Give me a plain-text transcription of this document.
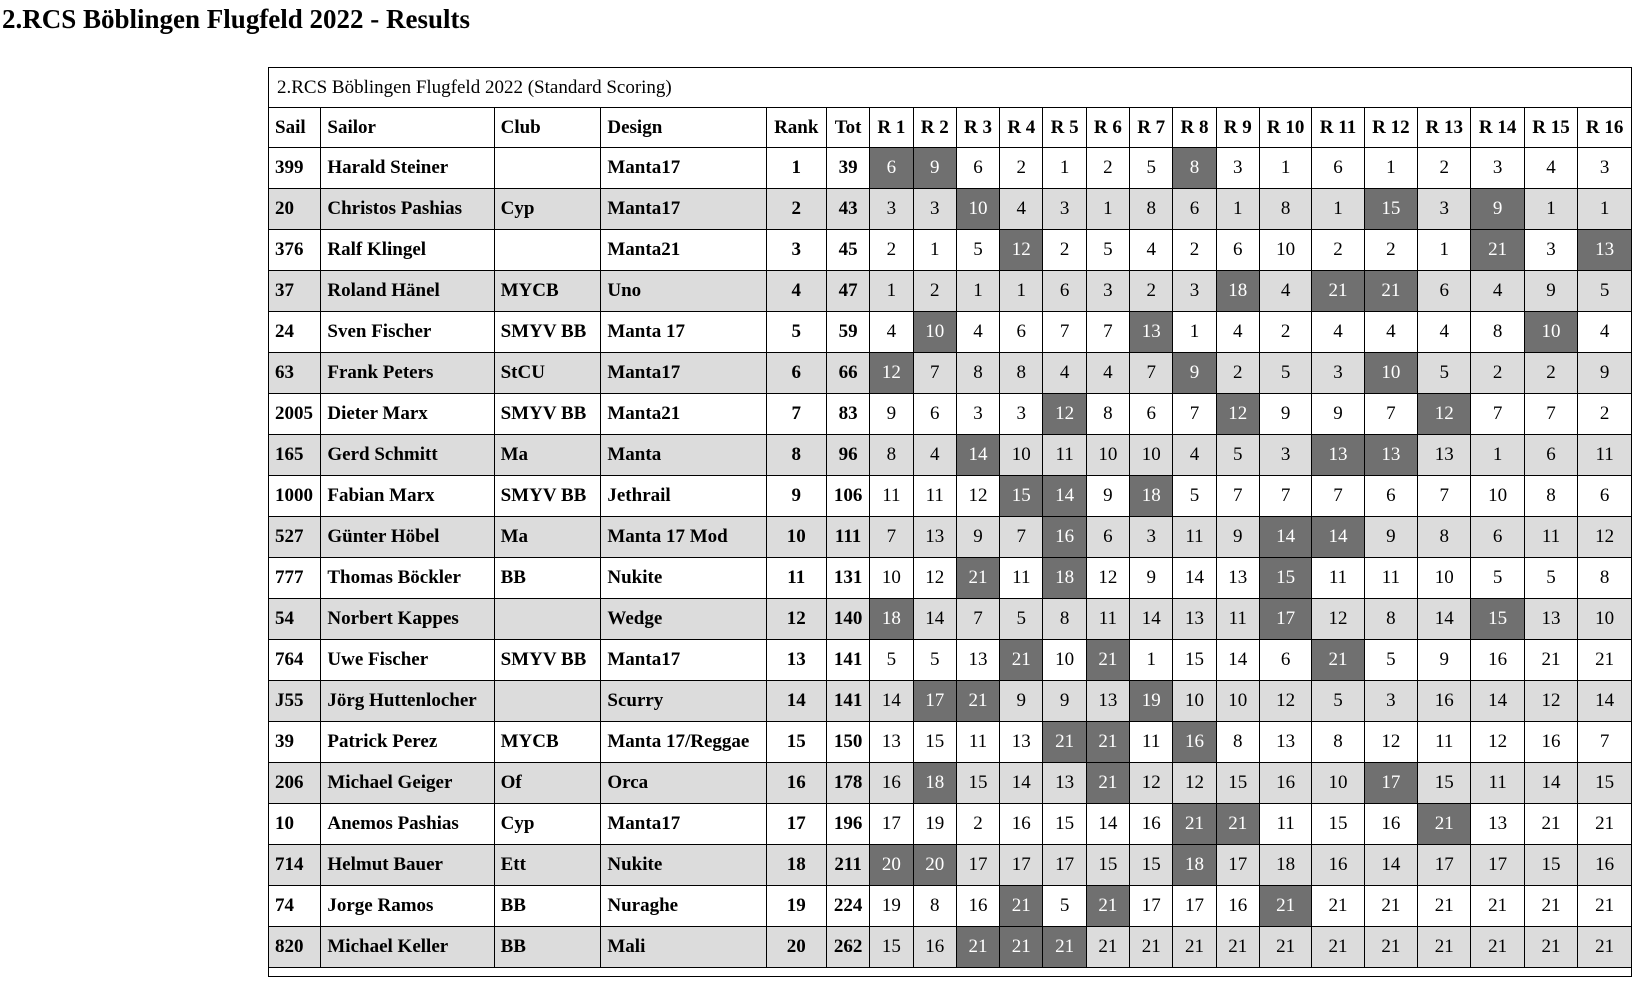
2.RCS Böblingen Flugfeld 2022 - Results
2.RCS Böblingen Flugfeld 2022 (Standard Scoring)																					
Sail	Sailor	Club	Design	Rank	Tot	R 1	R 2	R 3	R 4	R 5	R 6	R 7	R 8	R 9	R 10	R 11	R 12	R 13	R 14	R 15	R 16
399	Harald Steiner		Manta17	1	39	6	9	6	2	1	2	5	8	3	1	6	1	2	3	4	3
20	Christos Pashias	Cyp	Manta17	2	43	3	3	10	4	3	1	8	6	1	8	1	15	3	9	1	1
376	Ralf Klingel		Manta21	3	45	2	1	5	12	2	5	4	2	6	10	2	2	1	21	3	13
37	Roland Hänel	MYCB	Uno	4	47	1	2	1	1	6	3	2	3	18	4	21	21	6	4	9	5
24	Sven Fischer	SMYV BB	Manta 17	5	59	4	10	4	6	7	7	13	1	4	2	4	4	4	8	10	4
63	Frank Peters	StCU	Manta17	6	66	12	7	8	8	4	4	7	9	2	5	3	10	5	2	2	9
2005	Dieter Marx	SMYV BB	Manta21	7	83	9	6	3	3	12	8	6	7	12	9	9	7	12	7	7	2
165	Gerd Schmitt	Ma	Manta	8	96	8	4	14	10	11	10	10	4	5	3	13	13	13	1	6	11
1000	Fabian Marx	SMYV BB	Jethrail	9	106	11	11	12	15	14	9	18	5	7	7	7	6	7	10	8	6
527	Günter Höbel	Ma	Manta 17 Mod	10	111	7	13	9	7	16	6	3	11	9	14	14	9	8	6	11	12
777	Thomas Böckler	BB	Nukite	11	131	10	12	21	11	18	12	9	14	13	15	11	11	10	5	5	8
54	Norbert Kappes		Wedge	12	140	18	14	7	5	8	11	14	13	11	17	12	8	14	15	13	10
764	Uwe Fischer	SMYV BB	Manta17	13	141	5	5	13	21	10	21	1	15	14	6	21	5	9	16	21	21
J55	Jörg Huttenlocher		Scurry	14	141	14	17	21	9	9	13	19	10	10	12	5	3	16	14	12	14
39	Patrick Perez	MYCB	Manta 17/Reggae	15	150	13	15	11	13	21	21	11	16	8	13	8	12	11	12	16	7
206	Michael Geiger	Of	Orca	16	178	16	18	15	14	13	21	12	12	15	16	10	17	15	11	14	15
10	Anemos Pashias	Cyp	Manta17	17	196	17	19	2	16	15	14	16	21	21	11	15	16	21	13	21	21
714	Helmut Bauer	Ett	Nukite	18	211	20	20	17	17	17	15	15	18	17	18	16	14	17	17	15	16
74	Jorge Ramos	BB	Nuraghe	19	224	19	8	16	21	5	21	17	17	16	21	21	21	21	21	21	21
820	Michael Keller	BB	Mali	20	262	15	16	21	21	21	21	21	21	21	21	21	21	21	21	21	21
